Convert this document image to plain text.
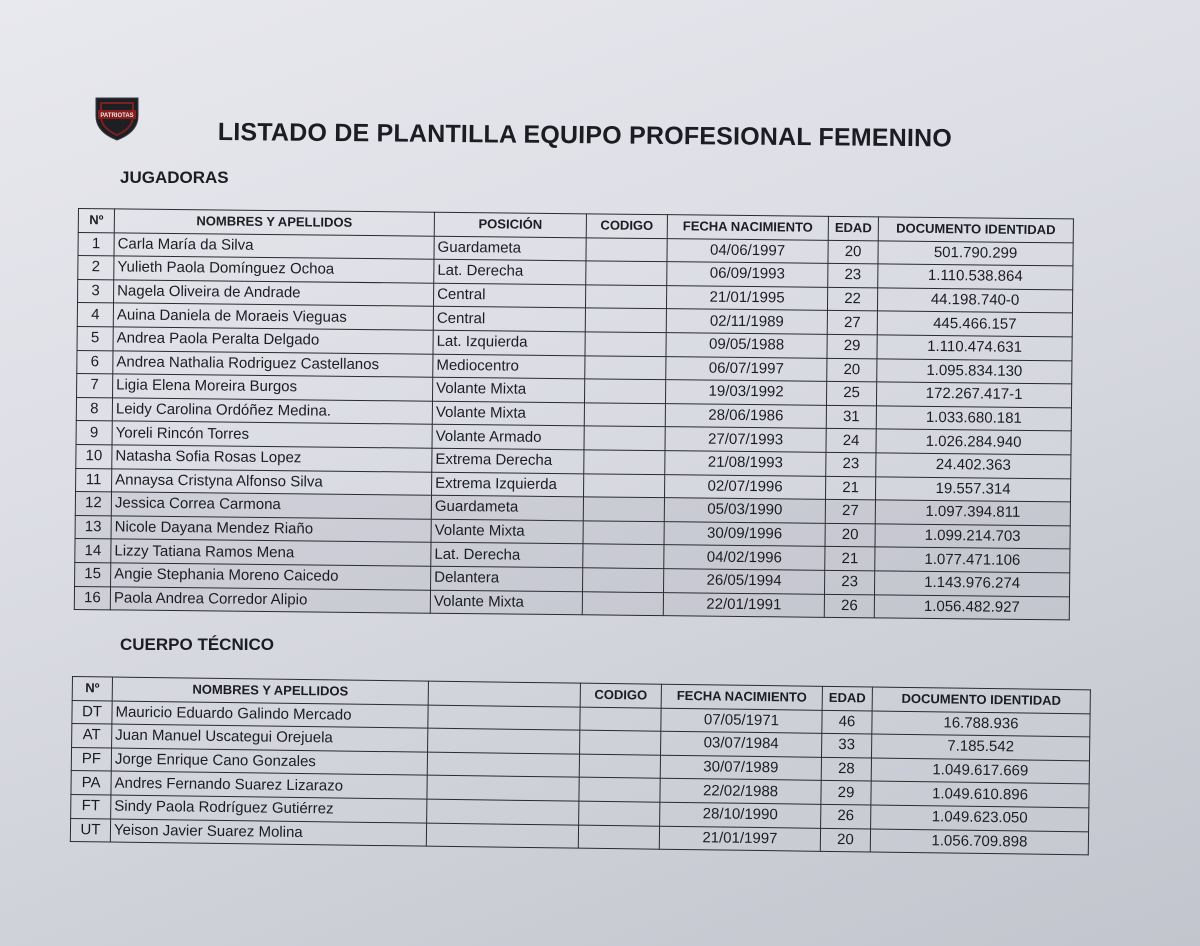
PATRIOTAS
LISTADO DE PLANTILLA EQUIPO PROFESIONAL FEMENINO
JUGADORAS
Nº	NOMBRES Y APELLIDOS	POSICIÓN	CODIGO	FECHA NACIMIENTO	EDAD	DOCUMENTO IDENTIDAD
1	Carla María da Silva	Guardameta		04/06/1997	20	501.790.299
2	Yulieth Paola Domínguez Ochoa	Lat. Derecha		06/09/1993	23	1.110.538.864
3	Nagela Oliveira de Andrade	Central		21/01/1995	22	44.198.740-0
4	Auina Daniela de Moraeis Vieguas	Central		02/11/1989	27	445.466.157
5	Andrea Paola Peralta Delgado	Lat. Izquierda		09/05/1988	29	1.110.474.631
6	Andrea Nathalia Rodriguez Castellanos	Mediocentro		06/07/1997	20	1.095.834.130
7	Ligia Elena Moreira Burgos	Volante Mixta		19/03/1992	25	172.267.417-1
8	Leidy Carolina Ordóñez Medina.	Volante Mixta		28/06/1986	31	1.033.680.181
9	Yoreli Rincón Torres	Volante Armado		27/07/1993	24	1.026.284.940
10	Natasha Sofia Rosas Lopez	Extrema Derecha		21/08/1993	23	24.402.363
11	Annaysa Cristyna Alfonso Silva	Extrema Izquierda		02/07/1996	21	19.557.314
12	Jessica Correa Carmona	Guardameta		05/03/1990	27	1.097.394.811
13	Nicole Dayana Mendez Riaño	Volante Mixta		30/09/1996	20	1.099.214.703
14	Lizzy Tatiana Ramos Mena	Lat. Derecha		04/02/1996	21	1.077.471.106
15	Angie Stephania Moreno Caicedo	Delantera		26/05/1994	23	1.143.976.274
16	Paola Andrea Corredor Alipio	Volante Mixta		22/01/1991	26	1.056.482.927
CUERPO TÉCNICO
Nº	NOMBRES Y APELLIDOS		CODIGO	FECHA NACIMIENTO	EDAD	DOCUMENTO IDENTIDAD
DT	Mauricio Eduardo Galindo Mercado			07/05/1971	46	16.788.936
AT	Juan Manuel Uscategui Orejuela			03/07/1984	33	7.185.542
PF	Jorge Enrique Cano Gonzales			30/07/1989	28	1.049.617.669
PA	Andres Fernando Suarez Lizarazo			22/02/1988	29	1.049.610.896
FT	Sindy Paola Rodríguez Gutiérrez			28/10/1990	26	1.049.623.050
UT	Yeison Javier Suarez Molina			21/01/1997	20	1.056.709.898
